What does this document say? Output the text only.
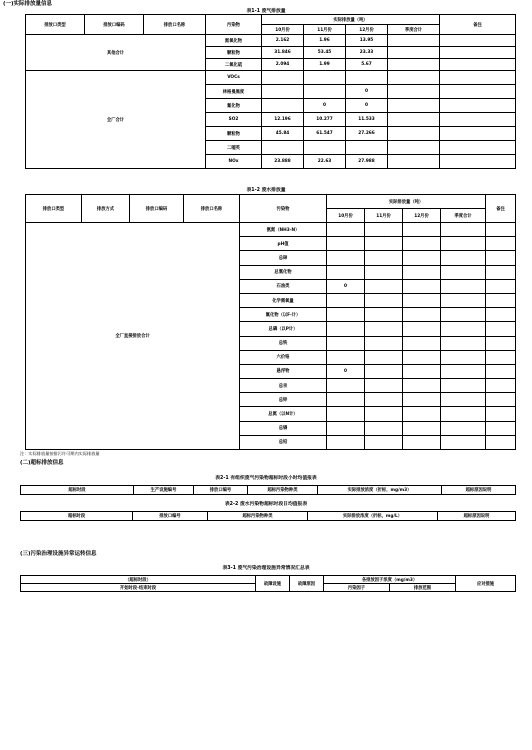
(一)实际排放量信息
表1-1 废气排放量
排放口类型	排放口编码	排放口名称	污染物	实际排放量（吨）				备注
				10月份	11月份	12月份	季度合计	
其他合计			氮氧化物	2.162	1.96	13.95		
			颗粒物	31.846	53.45	23.33		
			二氧化硫	2.094	1.99	5.67		
全厂合计			VOCs					
			林格曼黑度			0		
			氟化物		0	0		
			SO2	12.196	10.277	11.533		
			颗粒物	45.84	61.547	27.266		
			二噁英					
			NOx	23.888	22.63	27.988		
表1-2 废水排放量
排放口类型	排放方式	排放口编码	排放口名称	污染物	实际排放量（吨）				备注
					10月份	11月份	12月份	季度合计	
全厂直接排放合计				氨氮（NH3-N）					
				pH值					
				总砷					
				总氰化物					
				石油类	0				
				化学需氧量					
				氟化物（以F-计）					
				总磷（以P计）					
				总铁					
				六价铬					
				悬浮物	0				
				总汞					
				总锌					
				总氮（以N计）					
				总镉					
				总铅					
注：实际排放量按排污许可期内实际排放量
(二)超标排放信息
表2-1 有组织废气污染物超标时段小时均值报表
超标时段	生产设施编号	排放口编号	超标污染物种类	实际排放浓度（折标，mg/m3）	超标原因说明
表2-2 废水污染物超标时段日均值报表
超标时段	排放口编号	超标污染物种类	实际排放浓度（折标，mg/L）	超标原因说明
(三)污染治理设施异常运转信息
表3-1 废气污染治理设施异常情况汇总表
（超标时段）	故障设施	故障原因	各排放因子浓度（mg/m3）		应对措施
开始时段-结束时段			污染因子	排放范围	
